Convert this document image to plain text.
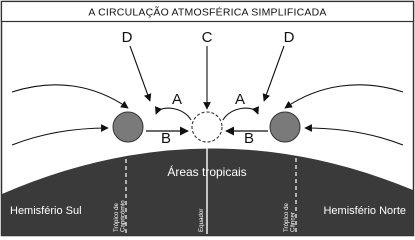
A CIRCULAÇÃO ATMOSFÉRICA SIMPLIFICADA
Áreas tropicais
Hemisfério Sul	Hemisfério Norte
Trópico de Capricórnio	Equador	Trópico de Câncer
D	C	D
A	A
B	B
